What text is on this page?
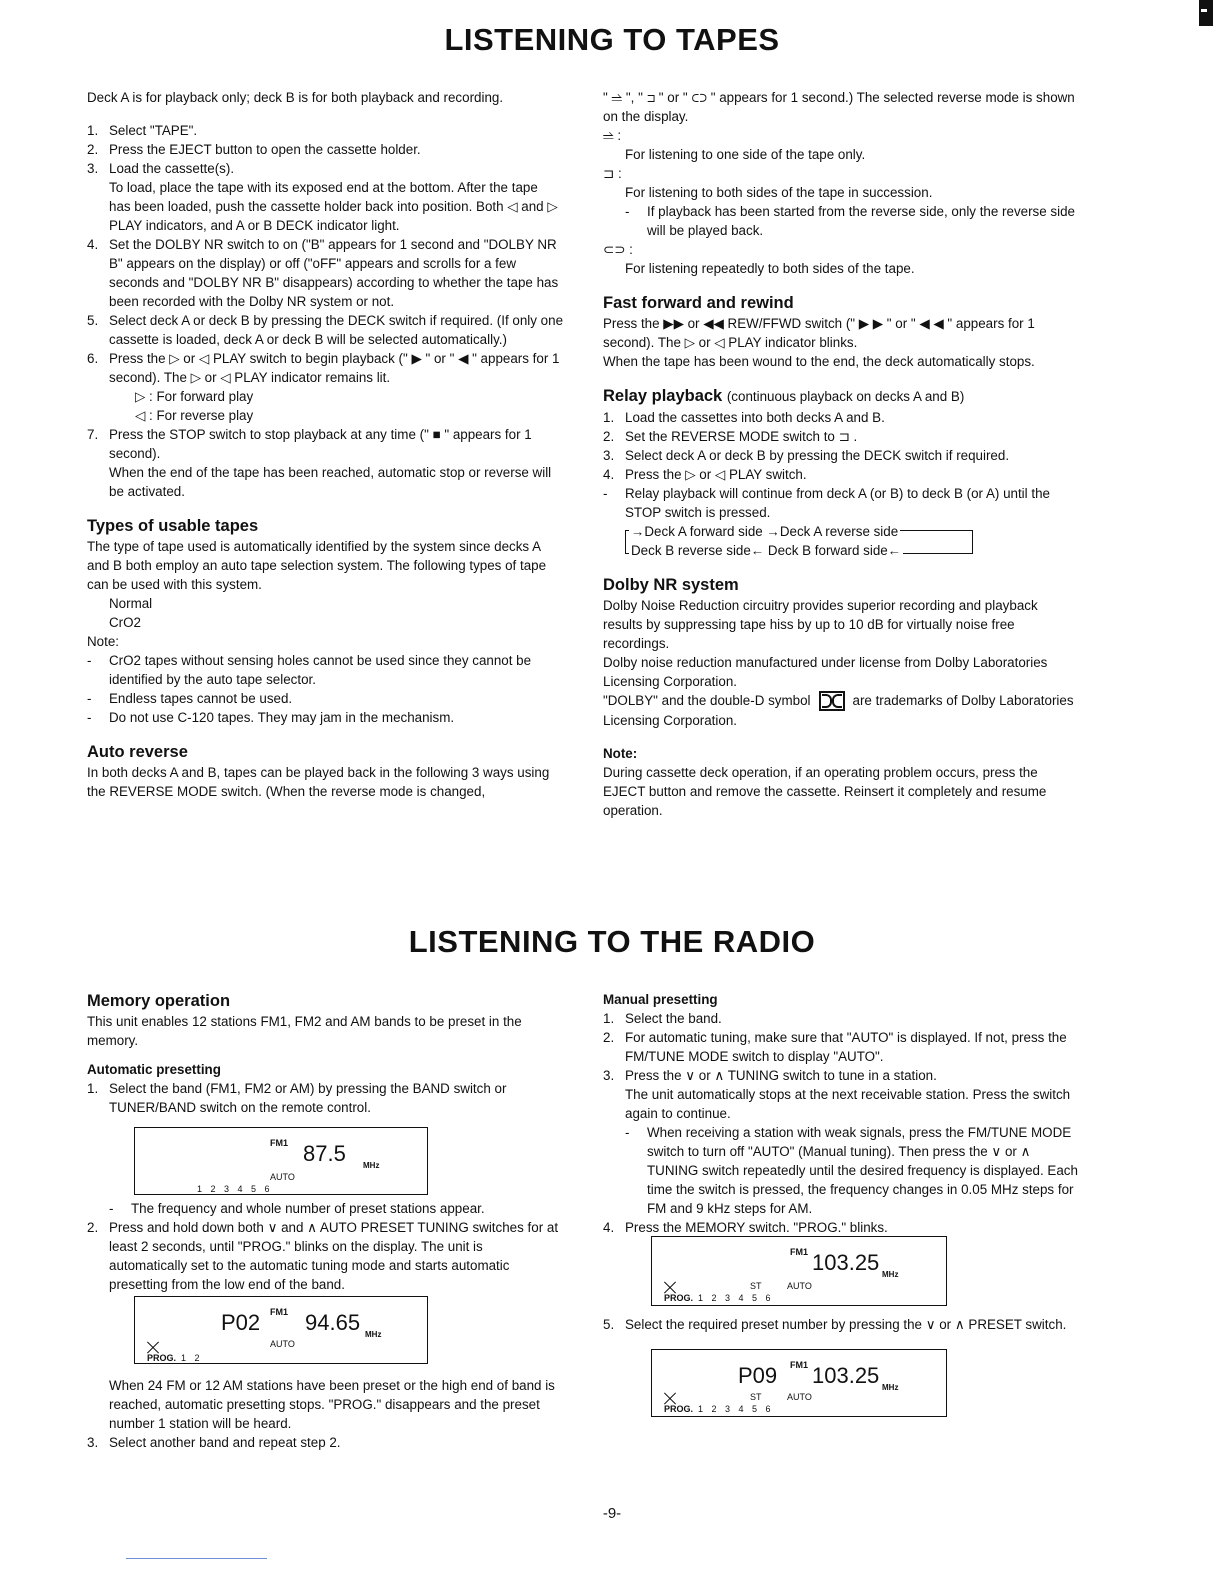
LISTENING TO TAPES

Deck A is for playback only; deck B is for both playback and recording.

1. Select "TAPE".
2. Press the EJECT button to open the cassette holder.
3. Load the cassette(s).
To load, place the tape with its exposed end at the bottom. After the tape has been loaded, push the cassette holder back into position. Both ◁ and ▷ PLAY indicators, and A or B DECK indicator light.
4. Set the DOLBY NR switch to on ("B" appears for 1 second and "DOLBY NR B" appears on the display) or off ("oFF" appears and scrolls for a few seconds and "DOLBY NR B" disappears) according to whether the tape has been recorded with the Dolby NR system or not.
5. Select deck A or deck B by pressing the DECK switch if required. (If only one cassette is loaded, deck A or deck B will be selected automatically.)
6. Press the ▷ or ◁ PLAY switch to begin playback (" ▶ " or " ◀ " appears for 1 second). The ▷ or ◁ PLAY indicator remains lit.
▷ : For forward play
◁ : For reverse play
7. Press the STOP switch to stop playback at any time (" ■ " appears for 1 second).
When the end of the tape has been reached, automatic stop or reverse will be activated.
Types of usable tapes

The type of tape used is automatically identified by the system since decks A and B both employ an auto tape selection system. The following types of tape can be used with this system.

Normal

CrO2

Note:

- CrO2 tapes without sensing holes cannot be used since they cannot be identified by the auto tape selector.
- Endless tapes cannot be used.
- Do not use C-120 tapes. They may jam in the mechanism.
Auto reverse

In both decks A and B, tapes can be played back in the following 3 ways using the REVERSE MODE switch. (When the reverse mode is changed,

" ⥬ ", " ⊐ " or " ⊂⊃ " appears for 1 second.) The selected reverse mode is shown on the display.

⥬ :

For listening to one side of the tape only.

⊐ :

For listening to both sides of the tape in succession.

- If playback has been started from the reverse side, only the reverse side will be played back.

⊂⊃ :

For listening repeatedly to both sides of the tape.

Fast forward and rewind

Press the ▶▶ or ◀◀ REW/FFWD switch (" ▶ ▶ " or " ◀ ◀ " appears for 1 second). The ▷ or ◁ PLAY indicator blinks.

When the tape has been wound to the end, the deck automatically stops.

Relay playback (continuous playback on decks A and B)
1. Load the cassettes into both decks A and B.
2. Set the REVERSE MODE switch to ⊐ .
3. Select deck A or deck B by pressing the DECK switch if required.
4. Press the ▷ or ◁ PLAY switch.

- Relay playback will continue from deck A (or B) to deck B (or A) until the STOP switch is pressed.

→Deck A forward side →Deck A reverse side
Deck B reverse side← Deck B forward side←
Dolby NR system

Dolby Noise Reduction circuitry provides superior recording and playback results by suppressing tape hiss by up to 10 dB for virtually noise free recordings.

Dolby noise reduction manufactured under license from Dolby Laboratories Licensing Corporation.

"DOLBY" and the double-D symbol	are trademarks of Dolby Laboratories Licensing Corporation.

Note:

During cassette deck operation, if an operating problem occurs, press the EJECT button and remove the cassette. Reinsert it completely and resume operation.

LISTENING TO THE RADIO
Memory operation

This unit enables 12 stations FM1, FM2 and AM bands to be preset in the memory.

Automatic presetting

1. Select the band (FM1, FM2 or AM) by pressing the BAND switch or TUNER/BAND switch on the remote control.

- The frequency and whole number of preset stations appear.

2. Press and hold down both ∨ and ∧ AUTO PRESET TUNING switches for at least 2 seconds, until "PROG." blinks on the display. The unit is automatically set to the automatic tuning mode and starts automatic presetting from the low end of the band.

When 24 FM or 12 AM stations have been preset or the high end of band is reached, automatic presetting stops. "PROG." disappears and the preset number 1 station will be heard.

3. Select another band and repeat step 2.

Manual presetting

1. Select the band.

2. For automatic tuning, make sure that "AUTO" is displayed. If not, press the FM/TUNE MODE switch to display "AUTO".

3. Press the ∨ or ∧ TUNING switch to tune in a station.

The unit automatically stops at the next receivable station. Press the switch again to continue.

- When receiving a station with weak signals, press the FM/TUNE MODE switch to turn off "AUTO" (Manual tuning). Then press the ∨ or ∧ TUNING switch repeatedly until the desired frequency is displayed. Each time the switch is pressed, the frequency changes in 0.05 MHz steps for FM and 9 kHz steps for AM.

4. Press the MEMORY switch. "PROG." blinks.

5. Select the required preset number by pressing the ∨ or ∧ PRESET switch.

FM1 87.5 MHz
AUTO
1 2 3 4 5 6
FM1
P02 94.65 MHz
AUTO
PROG. 1 2
FM1 103.25 MHz
ST	AUTO
PROG. 1 2 3 4 5 6
FM1
P09 103.25 MHz
ST	AUTO
PROG. 1 2 3 4 5 6
-9-
